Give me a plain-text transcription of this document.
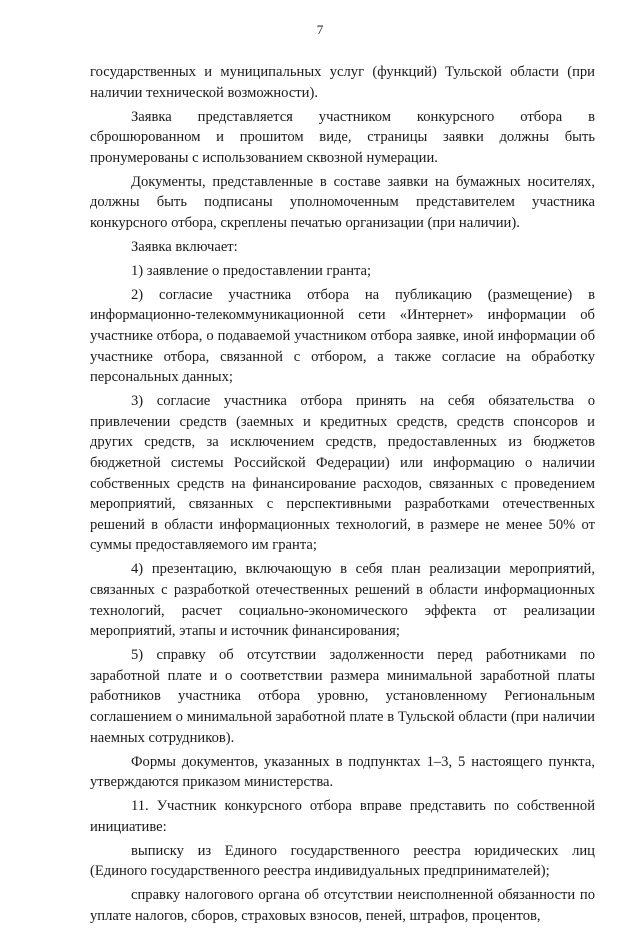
7

государственных и муниципальных услуг (функций) Тульской области (при наличии технической возможности).

Заявка представляется участником конкурсного отбора в сброшюрованном и прошитом виде, страницы заявки должны быть пронумерованы с использованием сквозной нумерации.

Документы, представленные в составе заявки на бумажных носителях, должны быть подписаны уполномоченным представителем участника конкурсного отбора, скреплены печатью организации (при наличии).

Заявка включает:

1) заявление о предоставлении гранта;

2) согласие участника отбора на публикацию (размещение) в информационно-телекоммуникационной сети «Интернет» информации об участнике отбора, о подаваемой участником отбора заявке, иной информации об участнике отбора, связанной с отбором, а также согласие на обработку персональных данных;

3) согласие участника отбора принять на себя обязательства о привлечении средств (заемных и кредитных средств, средств спонсоров и других средств, за исключением средств, предоставленных из бюджетов бюджетной системы Российской Федерации) или информацию о наличии собственных средств на финансирование расходов, связанных с проведением мероприятий, связанных с перспективными разработками отечественных решений в области информационных технологий, в размере не менее 50% от суммы предоставляемого им гранта;

4) презентацию, включающую в себя план реализации мероприятий, связанных с разработкой отечественных решений в области информационных технологий, расчет социально-экономического эффекта от реализации мероприятий, этапы и источник финансирования;

5) справку об отсутствии задолженности перед работниками по заработной плате и о соответствии размера минимальной заработной платы работников участника отбора уровню, установленному Региональным соглашением о минимальной заработной плате в Тульской области (при наличии наемных сотрудников).

Формы документов, указанных в подпунктах 1–3, 5 настоящего пункта, утверждаются приказом министерства.

11. Участник конкурсного отбора вправе представить по собственной инициативе:

выписку из Единого государственного реестра юридических лиц (Единого государственного реестра индивидуальных предпринимателей);

справку налогового органа об отсутствии неисполненной обязанности по уплате налогов, сборов, страховых взносов, пеней, штрафов, процентов,
